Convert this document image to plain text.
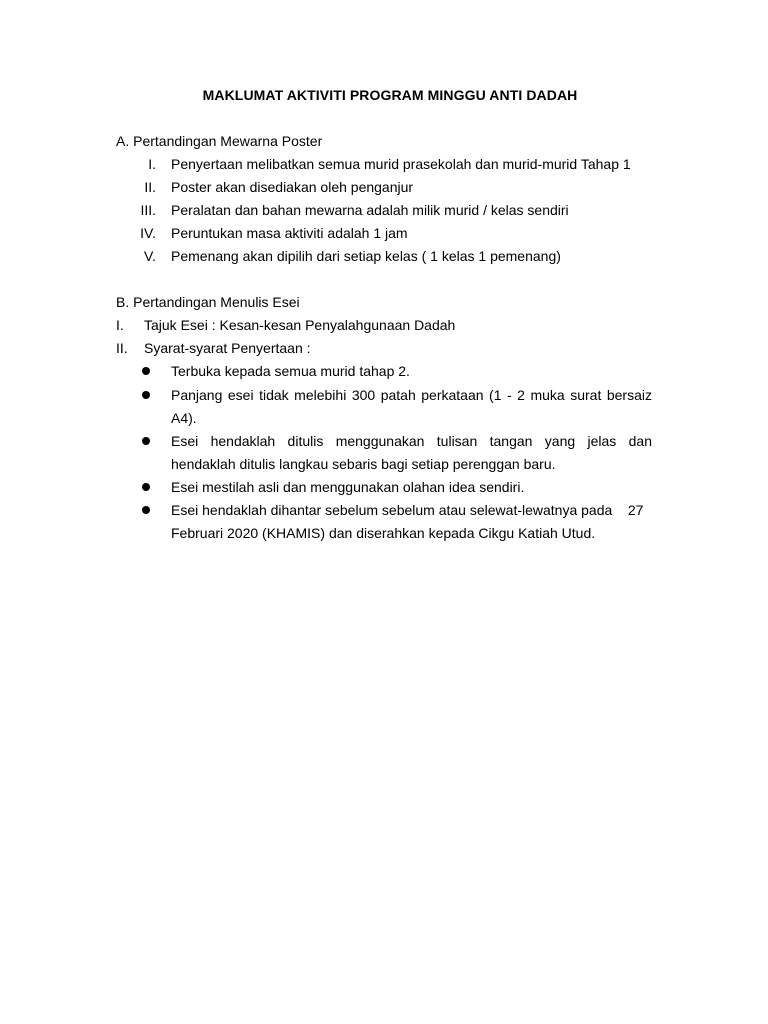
MAKLUMAT AKTIVITI PROGRAM MINGGU ANTI DADAH
A. Pertandingan Mewarna Poster
I. Penyertaan melibatkan semua murid prasekolah dan murid-murid Tahap 1
II. Poster akan disediakan oleh penganjur
III. Peralatan dan bahan mewarna adalah milik murid / kelas sendiri
IV. Peruntukan masa aktiviti adalah 1 jam
V. Pemenang akan dipilih dari setiap kelas ( 1 kelas 1 pemenang)
B. Pertandingan Menulis Esei
I. Tajuk Esei : Kesan-kesan Penyalahgunaan Dadah
II. Syarat-syarat Penyertaan :
Terbuka kepada semua murid tahap 2.
Panjang esei tidak melebihi 300 patah perkataan (1 - 2 muka surat bersaiz
A4).
Esei hendaklah ditulis menggunakan tulisan tangan yang jelas dan
hendaklah ditulis langkau sebaris bagi setiap perenggan baru.
Esei mestilah asli dan menggunakan olahan idea sendiri.
Esei hendaklah dihantar sebelum sebelum atau selewat-lewatnya pada    27
Februari 2020 (KHAMIS) dan diserahkan kepada Cikgu Katiah Utud.
